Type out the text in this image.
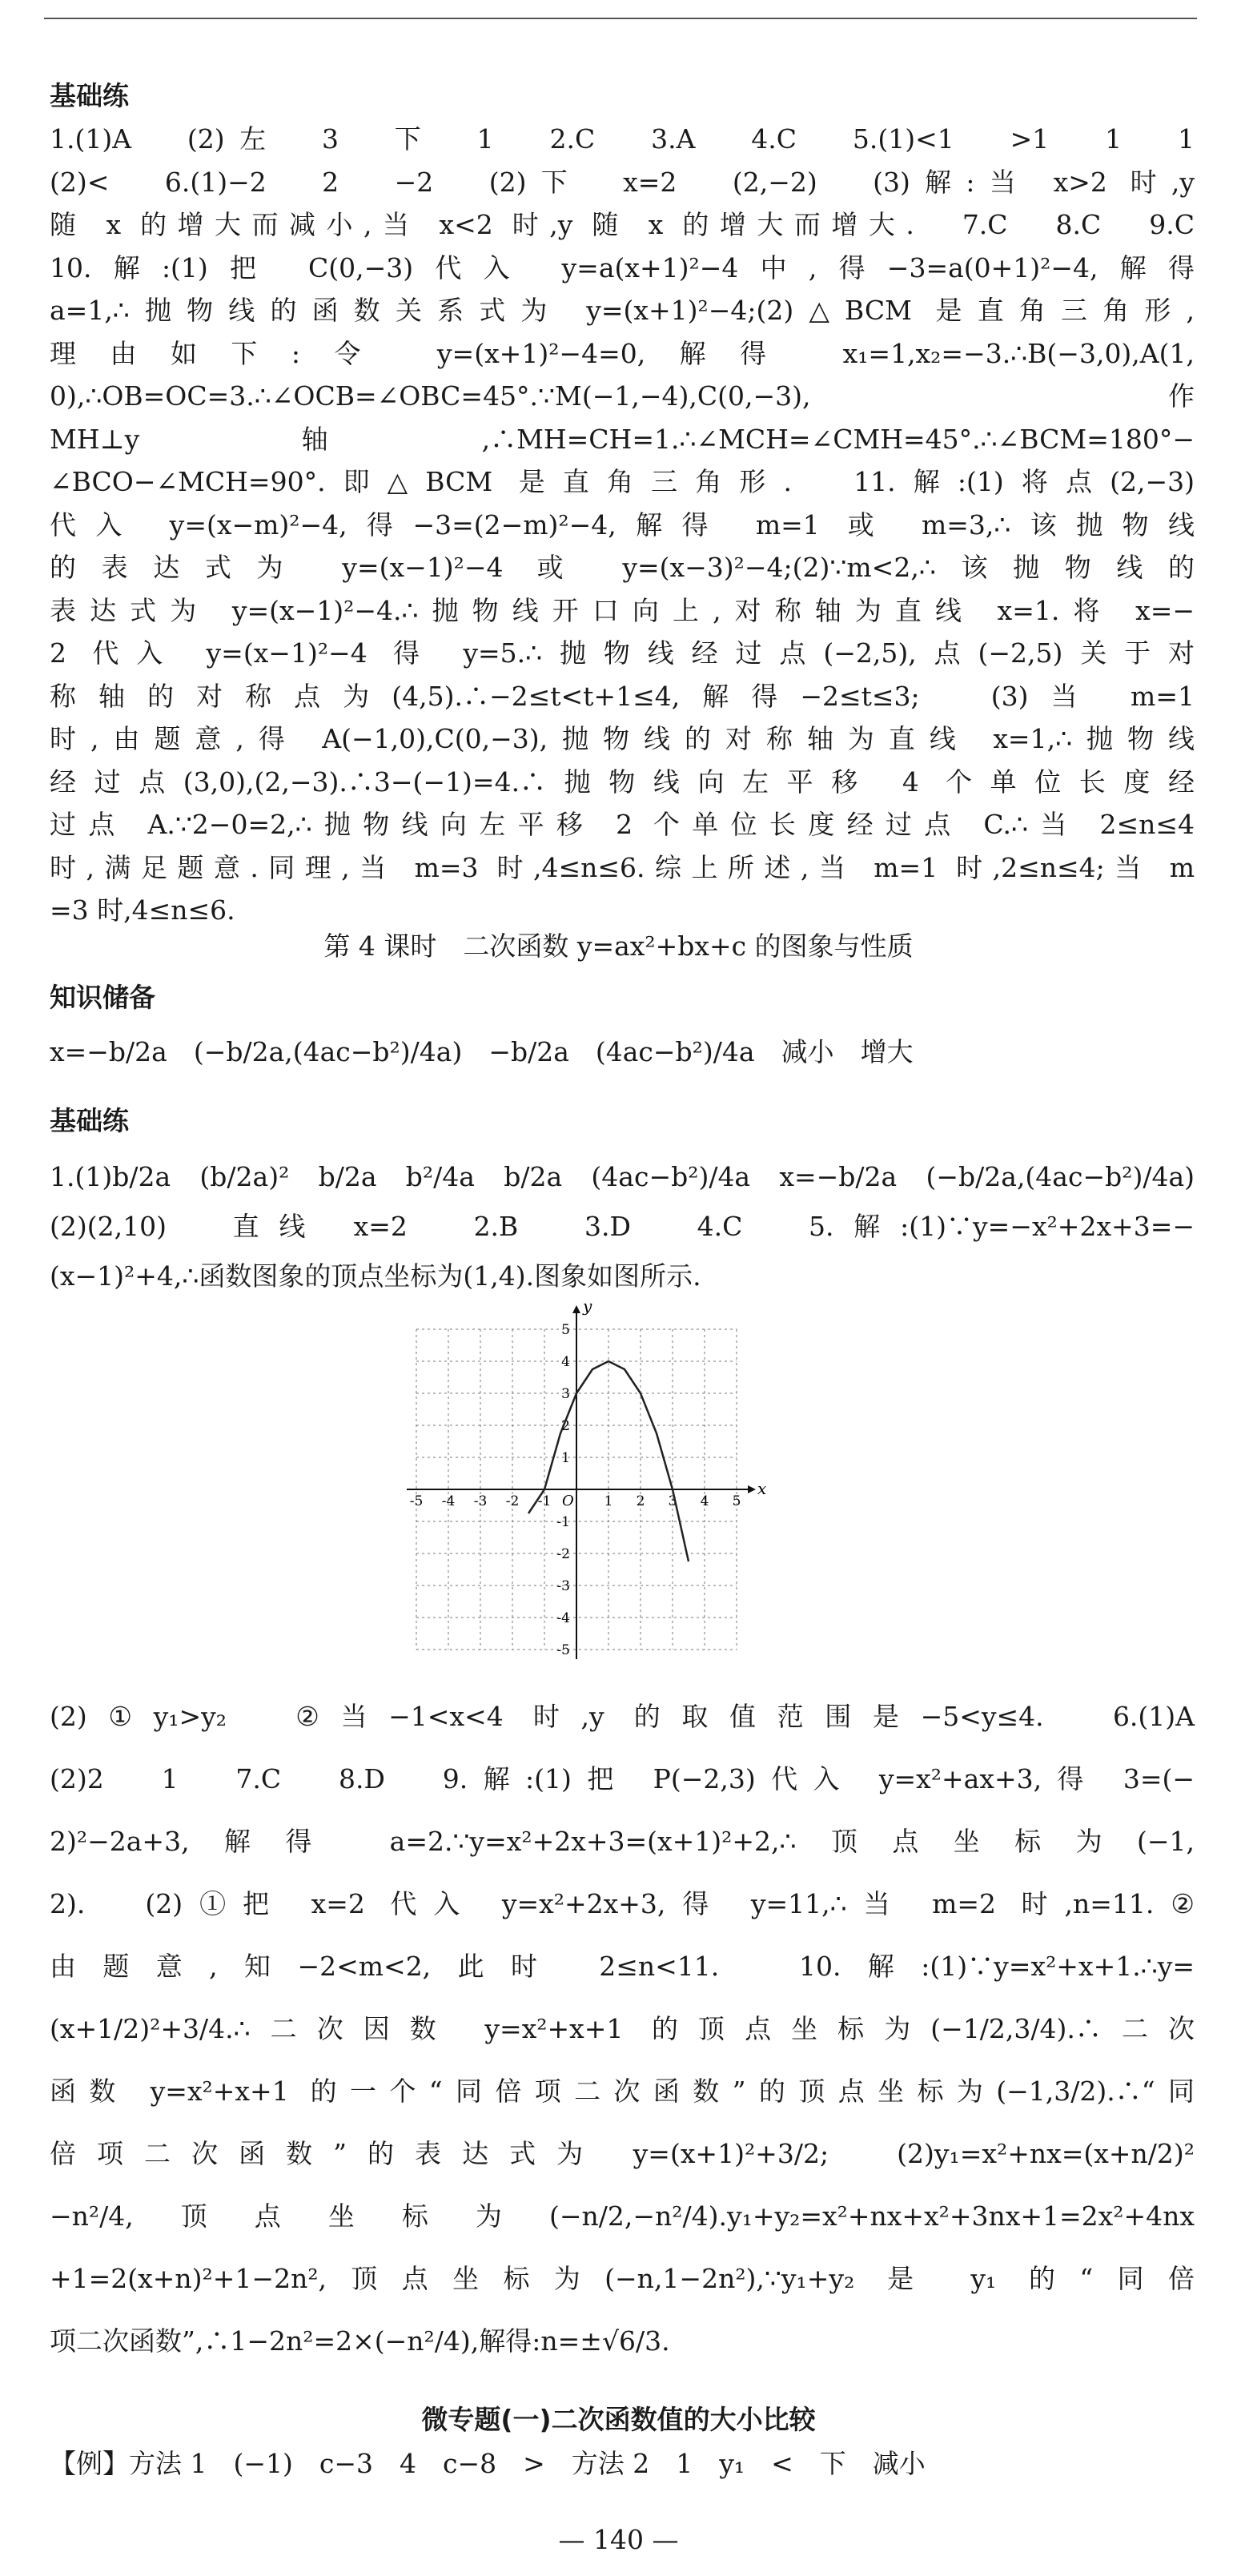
基础练
1.(1)A　(2)左　3　下　1　2.C　3.A　4.C　5.(1)<1　>1　1　1
(2)<　6.(1)−2　2　−2　(2)下　x=2　(2,−2)　(3)解:当 x>2 时,y
随 x 的增大而减小,当 x<2 时,y 随 x 的增大而增大.　7.C　8.C　9.C
10.解:(1)把 C(0,−3)代入 y=a(x+1)²−4中,得−3=a(0+1)²−4,解得
a=1,∴抛物线的函数关系式为 y=(x+1)²−4;(2)△BCM 是直角三角形,
理由如下:令 y=(x+1)²−4=0,解得 x₁=1,x₂=−3.∴B(−3,0),A(1,
0),∴OB=OC=3.∴∠OCB=∠OBC=45°.∵M(−1,−4),C(0,−3),作
MH⊥y 轴,∴MH=CH=1.∴∠MCH=∠CMH=45°.∴∠BCM=180°−
∠BCO−∠MCH=90°.即△BCM 是直角三角形.　11.解:(1)将点(2,−3)
代入 y=(x−m)²−4,得−3=(2−m)²−4,解得 m=1 或 m=3,∴该抛物线
的表达式为 y=(x−1)²−4 或 y=(x−3)²−4;(2)∵m<2,∴该抛物线的
表达式为 y=(x−1)²−4.∴抛物线开口向上,对称轴为直线 x=1.将 x=−
2 代入 y=(x−1)²−4 得 y=5.∴抛物线经过点(−2,5),点(−2,5)关于对
称轴的对称点为(4,5).∴−2≤t<t+1≤4,解得−2≤t≤3;　(3)当 m=1
时,由题意,得 A(−1,0),C(0,−3),抛物线的对称轴为直线 x=1,∴抛物线
经过点(3,0),(2,−3).∴3−(−1)=4.∴抛物线向左平移 4 个单位长度经
过点 A.∵2−0=2,∴抛物线向左平移 2 个单位长度经过点 C.∴当 2≤n≤4
时,满足题意.同理,当 m=3 时,4≤n≤6.综上所述,当 m=1 时,2≤n≤4;当 m
=3 时,4≤n≤6.
第 4 课时　二次函数 y=ax²+bx+c 的图象与性质
知识储备
x=−b/2a　(−b/2a,(4ac−b²)/4a)　−b/2a　(4ac−b²)/4a　减小　增大
基础练
1.(1)b/2a　(b/2a)²　b/2a　b²/4a　b/2a　(4ac−b²)/4a　x=−b/2a　(−b/2a,(4ac−b²)/4a)
(2)(2,10)　直线 x=2　2.B　3.D　4.C　5.解:(1)∵y=−x²+2x+3=−
(x−1)²+4,∴函数图象的顶点坐标为(1,4).图象如图所示.
x
y
O
-5 -4 -3 -2 -1	1 2 3 4 5
5
4
3
2
1
-1
-2
-3
-4
-5
(2)①y₁>y₂　②当−1<x<4 时,y 的取值范围是−5<y≤4.　6.(1)A
(2)2　1　7.C　8.D　9.解:(1)把 P(−2,3)代入 y=x²+ax+3,得 3=(−
2)²−2a+3,解得 a=2.∵y=x²+2x+3=(x+1)²+2,∴顶点坐标为(−1,
2).　(2)①把 x=2 代入 y=x²+2x+3,得 y=11,∴当 m=2 时,n=11.②
由题意,知−2<m<2,此时 2≤n<11.　10.解:(1)∵y=x²+x+1.∴y=
(x+1/2)²+3/4.∴二次因数 y=x²+x+1 的顶点坐标为(−1/2,3/4).∴二次
函数 y=x²+x+1 的一个“同倍项二次函数”的顶点坐标为(−1,3/2).∴“同
倍项二次函数”的表达式为 y=(x+1)²+3/2;　(2)y₁=x²+nx=(x+n/2)²
−n²/4,顶点坐标为(−n/2,−n²/4).y₁+y₂=x²+nx+x²+3nx+1=2x²+4nx
+1=2(x+n)²+1−2n²,顶点坐标为(−n,1−2n²),∵y₁+y₂ 是 y₁ 的“同倍
项二次函数”,∴1−2n²=2×(−n²/4),解得:n=±√6/3.
微专题(一)二次函数值的大小比较
【例】方法 1　(−1)　c−3　4　c−8　>　方法 2　1　y₁　<　下　减小
— 140 —
